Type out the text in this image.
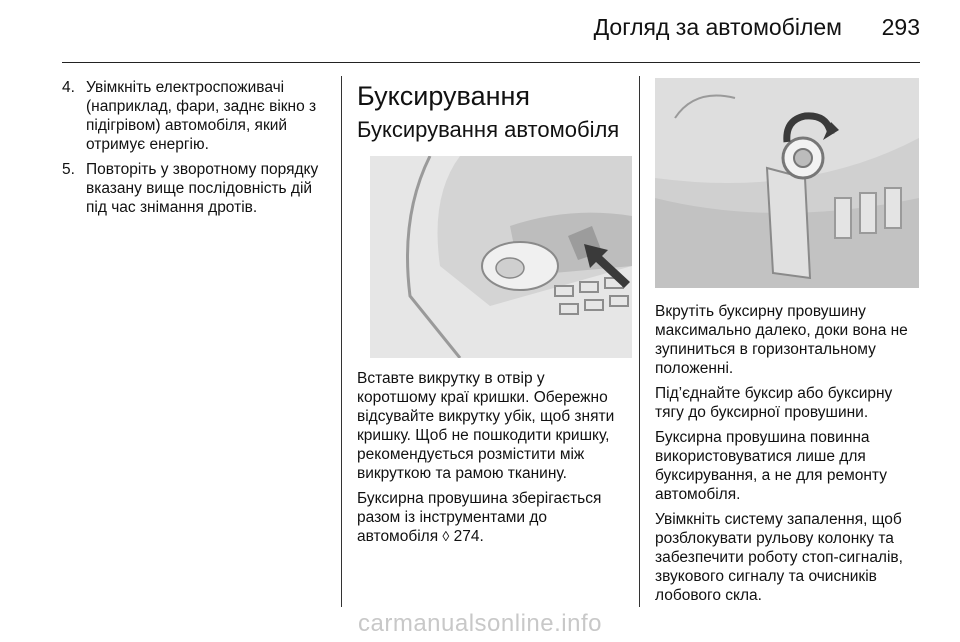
Догляд за автомобілем 293
4. Увімкніть електроспоживачі (наприклад, фари, заднє вікно з підігрівом) автомобіля, який отримує енергію.
5. Повторіть у зворотному порядку вказану вище послідовність дій під час знімання дротів.
Буксирування
Буксирування автомобіля

Вставте викрутку в отвір у коротшому краї кришки. Обережно відсувайте викрутку убік, щоб зняти кришку. Щоб не пошкодити кришку, рекомендується розмістити між викруткою та рамою тканину.

Буксирна провушина зберігається разом із інструментами до автомобіля ◊ 274.

Вкрутіть буксирну провушину максимально далеко, доки вона не зупиниться в горизонтальному положенні.

Під’єднайте буксир або буксирну тягу до буксирної провушини.

Буксирна провушина повинна використовуватися лише для буксирування, а не для ремонту автомобіля.

Увімкніть систему запалення, щоб розблокувати рульову колонку та забезпечити роботу стоп-сигналів, звукового сигналу та очисників лобового скла.

carmanualsonline.info
